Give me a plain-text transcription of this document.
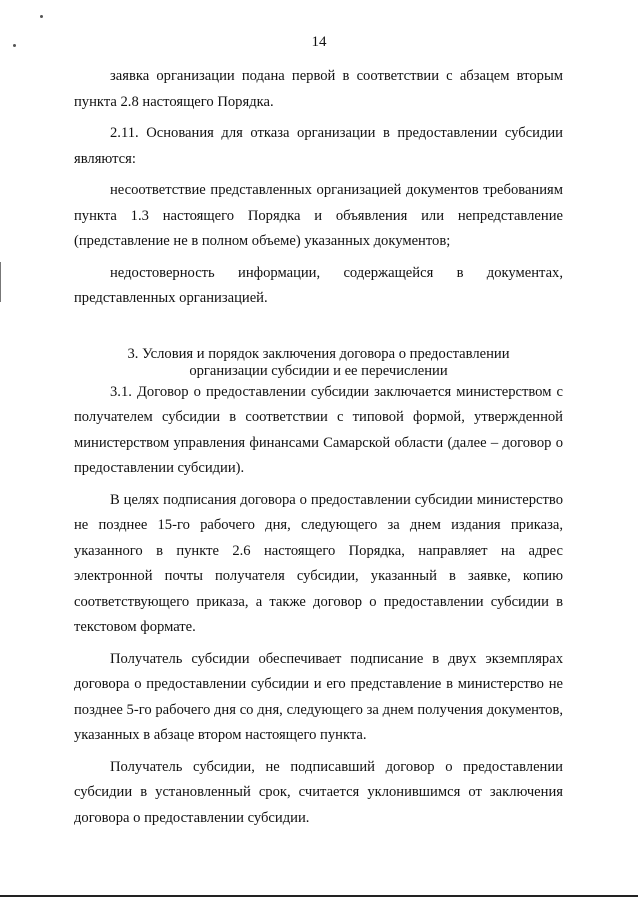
14

заявка организации подана первой в соответствии с абзацем вторым пункта 2.8 настоящего Порядка.

2.11. Основания для отказа организации в предоставлении субсидии являются:

несоответствие представленных организацией документов требованиям пункта 1.3 настоящего Порядка и объявления или непредставление (представление не в полном объеме) указанных документов;

недостоверность информации, содержащейся в документах, представленных организацией.

3. Условия и порядок заключения договора о предоставлении
организации субсидии и ее перечислении

3.1. Договор о предоставлении субсидии заключается министерством с получателем субсидии в соответствии с типовой формой, утвержденной министерством управления финансами Самарской области (далее – договор о предоставлении субсидии).

В целях подписания договора о предоставлении субсидии министерство не позднее 15-го рабочего дня, следующего за днем издания приказа, указанного в пункте 2.6 настоящего Порядка, направляет на адрес электронной почты получателя субсидии, указанный в заявке, копию соответствующего приказа, а также договор о предоставлении субсидии в текстовом формате.

Получатель субсидии обеспечивает подписание в двух экземплярах договора о предоставлении субсидии и его представление в министерство не позднее 5-го рабочего дня со дня, следующего за днем получения документов, указанных в абзаце втором настоящего пункта.

Получатель субсидии, не подписавший договор о предоставлении субсидии в установленный срок, считается уклонившимся от заключения договора о предоставлении субсидии.
